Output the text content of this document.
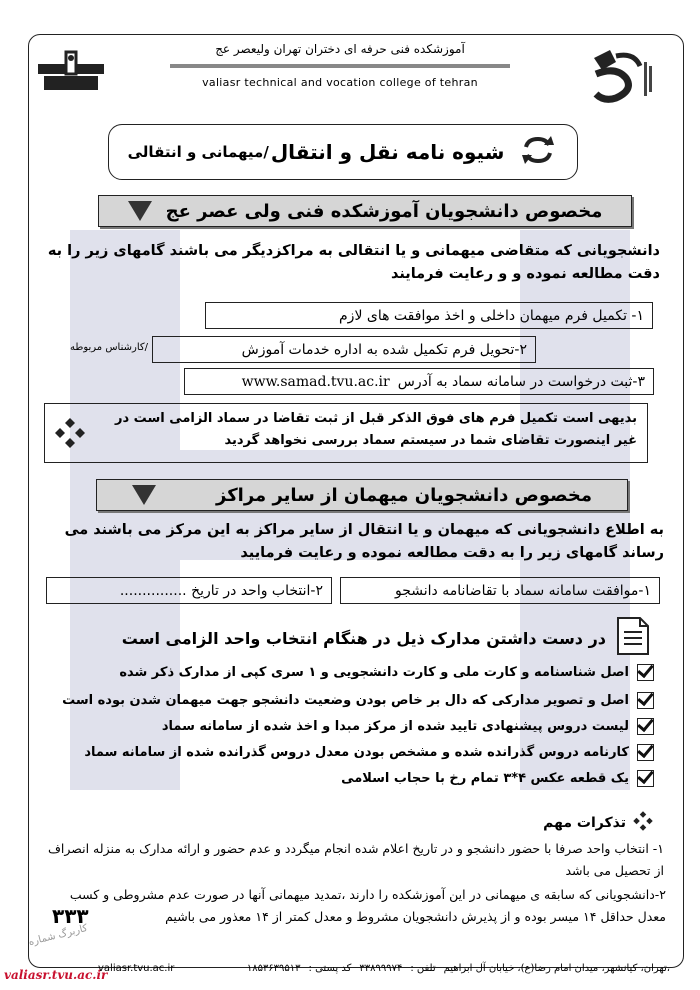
آموزشکده فنی حرفه ای دختران تهران ولیعصر عج
valiasr technical and vocation college of tehran
شیوه نامه نقل و انتقال
/میهمانی و انتقالی
مخصوص دانشجویان آموزشکده فنی ولی عصر عج
دانشجویانی که متقاضی میهمانی و یا انتقالی به مراکزدیگر می باشند گامهای زیر را به دقت مطالعه نموده و و رعایت فرمایند
۱- تکمیل فرم میهمان داخلی و اخذ موافقت های لازم
۲-تحویل فرم تکمیل شده به اداره خدمات آموزش
/کارشناس مربوطه
۳-ثبت درخواست در سامانه سماد به آدرس
www.samad.tvu.ac.ir
بدیهی است تکمیل فرم های فوق الذکر قبل از ثبت تقاضا در سماد الزامی است در غیر اینصورت تقاضای شما در سیستم سماد بررسی نخواهد گردید
مخصوص دانشجویان میهمان از سایر مراکز
به اطلاع دانشجویانی که میهمان و یا انتقال از سایر مراکز به این مرکز می باشند می رساند گامهای زیر را به دقت مطالعه نموده و رعایت فرمایید
۱-موافقت سامانه سماد با تقاضانامه دانشجو
۲-انتخاب واحد در تاریخ ...............
در دست داشتن مدارک ذیل در هنگام انتخاب واحد الزامی است
اصل شناسنامه و کارت ملی و کارت دانشجویی و ۱ سری کپی از مدارک ذکر شده
اصل و تصویر مدارکی که دال بر خاص بودن وضعیت دانشجو جهت میهمان شدن بوده است
لیست دروس پیشنهادی تایید شده از مرکز مبدا و اخذ شده از سامانه سماد
کارنامه دروس گذرانده شده و مشخص بودن معدل دروس گذرانده شده از سامانه سماد
یک قطعه عکس ۴*۳ تمام رخ با حجاب اسلامی
تذکرات مهم
۱- انتخاب واحد صرفا با حضور دانشجو و در تاریخ اعلام شده انجام میگردد و عدم حضور و ارائه مدارک به منزله انصراف از تحصیل می باشد
۲-دانشجویانی که سابقه ی میهمانی در این آموزشکده را دارند ،تمدید میهمانی آنها در صورت عدم مشروطی و کسب معدل حداقل ۱۴ میسر بوده و از پذیرش دانشجویان مشروط و معدل کمتر از ۱۴ معذور می باشیم
۳۳۳
کاربرگ شماره
valiasr.tvu.ac.ir
valiasr.tvu.ac.ir	،تهران، کیانشهر، میدان امام رضا(ع)، خیابان آل ابراهیم
تلفن :
۳۳۸۹۹۹۷۴
کد پستی :
۱۸۵۳۶۳۹۵۱۳
